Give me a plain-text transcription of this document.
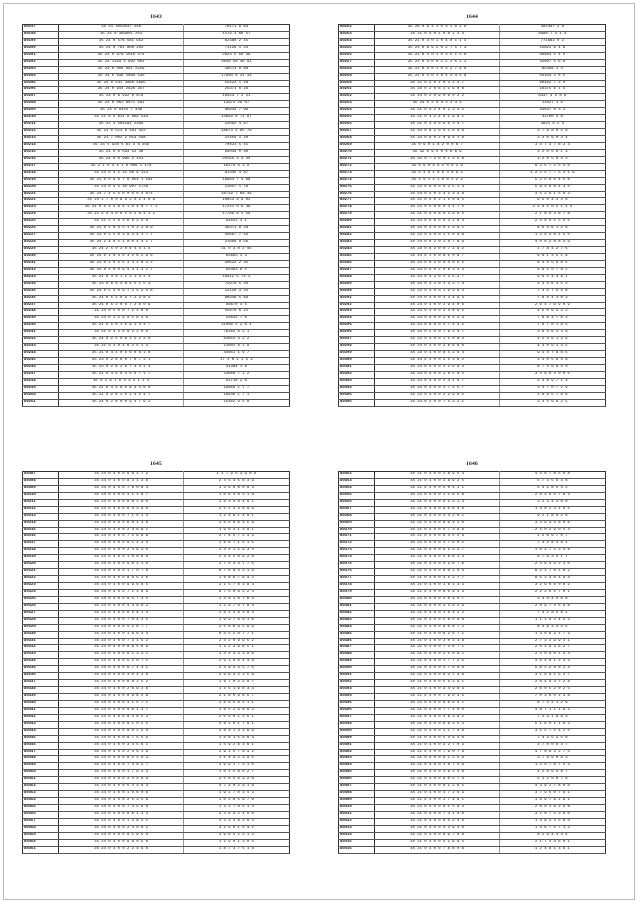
1643
80197	35 24 3053037 248	76171 8 84
80198	35 24 0 369901 253	1179 3 66 57
80199	35 24 0 576 561 952	62380 2 45
80200	35 24 0 761 808 203	71129 1 24
80201	35 24 0 976 1010 274	2823 5 56 49
80202	35 24 1194 5 691 001	2646 56 46 91
80203	35 24 0 009 061 2219	18573 8 68
80204	35 24 0 948 1866 530	17603 6 21 33
80205	35 24 0 541 3966 4965	54422 1 18
80206	35 24 0 944 2826 357	25371 6 29
80207	35 24 0 6 932 0 879	18453 7 2 21
80208	35 24 0 062 6071 591	13972 29 07
80209	35 24 0 9454 7 446	96934 7 96
80210	35 21 0 5 611 6 669 549	14693 6 71 07
80211	35 22 3 504181 2209	12092 4 47
80212	35 21 0 513 6 481 452	18674 5 85 76
80213	35 21 7 002 2 014 168	21450 1 20
80214	35 23 5 928 5 81 4 6 359	70823 5 41
80215	35 24 0 0 583 12 48	63044 0 40
80216	35 24 0 0 985 2 151	20154 4 3 34
80217	35 2 1 0 4 4 1 6 006 1 178	16279 6 3 9
80218	35 24 0 4 5 21 09 9 113	91345 4 87
80219	35 21 0 0 9 6 7 6 054 1 161	16964 7 3 98
80220	35 24 0 4 5 30 907 1726	11857 1 78
80221	35 24 7 4 5 5 0 0 0 0 4 071	18719 7 68 39
80222	35 24 1 7 0 0 9 9 3 0 2 4 6 9	10853 8 9 02
80223	35 24 0 5 4 5 9 4 1 0 4 0 7 7 1	17221 0 6 39
80224	35 21 2 4 4 0 0 1 0 2 6 4 1 1	17789 6 5 59
80225	35 21 2 5 0 3 6 6 2 5 6	91022 4 1
80226	35 21 0 1 0 3 5 1 0 2 2 8 9	39371 9 28
80227	35 21 0 1 5 0 3 0 3 4 1 7 7	50667 7 44
80228	35 24 2 4 0 5 2 0 0 4 4 1 7	21690 9 56
80229	35 24 2 5 0 2 0 6 4 4 1 4	31 0 3 0 2 45
80230	35 24 0 1 0 3 0 3 2 6 2 8 6	62663 4 3
80231	35 21 0 1 0 5 5 3 4 1 8 3 2	90622 2 35
80232	35 24 0 4 0 0 9 4 4 1 4 2 7	95363 6 5
80233	35 21 0 4 0 1 1 2 1 4 2 4	18412 5 74 2
80234	35 23 0 6 0 3 8 4 5 1 5 4	75978 5 20
80235	35 24 0 5 3 0 9 7 2 5 2 4 6	12128 3 25
80236	35 24 0 5 1 0 9 7 2 2 8 3	86946 5 89
80237	35 24 0 5 2 0 6 7 2 8 0 9	96670 4 5
80238	35 24 0 5 0 0 7 2 4 8 0	55679 6 21
80239	35 24 0 1 2 9 0 1 6 3 9	42633 7 6
80240	35 21 0 5 0 1 0 9 1 3 4 7	21066 5 2 6 4
80241	35 21 0 4 3 0 8 2 2 0 9	79264 6 2 1
80242	35 24 0 2 5 0 6 2 5 2 2 0	81654 3 2 2
80243	35 21 0 2 0 4 6 2 5 1 3	12602 8 1 9
80244	35 21 0 4 3 0 4 6 0 8 1 0	44651 1 6 7
80245	35 23 0 2 6 6 0 7 0 7 3 1	17 1 6 1 1 5 2
80246	35 23 0 2 8 2 6 7 3 3 1 4	41384 1 8
80247	35 21 0 4 9 0 4 0 0 7 1 7	23660 7 1 2
80248	35 0 2 8 1 0 4 3 3 1 1 3	93718 2 6
80249	35 21 0 4 4 9 0 9 3 3 6 0	19859 1 7 7
80250	35 21 0 2 6 1 0 1 4 5 4 7	18946 1 7 1
80251	35 24 0 2 8 0 0 9 4 7 9 2	15462 9 5 8
1644
80252	35 28 0 9 4 2 0 3 1 0 2 6	381407 2 8
80253	35 21 0 4 0 1 0 0 1 2 4	6986 7 3 1 4
80254	35 21 0 4 0 1 0 4 0 1 1 4	771683 0 2
80255	35 21 0 6 9 5 0 2 7 5 7 3	55821 9 4 6
80256	35 21 0 4 0 1 0 3 5 1 5 6	80683 5 4 5
80257	35 21 0 4 0 0 1 5 2 5 1 2	42697 5 6 6
80258	35 21 0 4 0 1 0 3 2 7 4 9	85498 3 4
80259	35 21 0 4 0 1 0 4 2 4 5 8	04104 2 8 5
80260	35 21 0 4 0 1 0 3 2 4 7	80462 7 3 0
80261	35 24 0 2 0 6 1 1 9 0 6	16375 6 1 4
80262	35 24 0 2 0 9 0 9 0 2 2	8337 3 5 8 9
80263	35 24 0 2 0 4 3 3 3 3	13427 1 9
80264	35 21 0 3 2 4 0 2 3 3 2	34637 0 3 2
80265	35 21 0 3 2 4 0 1 9 8 1	42760 4 8
80266	35 21 0 4 9 0 9 0 3 4 7	3821 5 2 4
80267	35 34 0 8 2 0 0 1 6 4 6	3 7 9 8 6 2 8
80268	35 34 0 9 0 2 0 9 4 1 6	3 3 0 9 0 4 4
80269	35 0 9 0 1 8 2 0 0 6 7	3 4 7 3 7 6 2 3
80270	35 32 0 9 5 0 4 6 6 9	3 2 0 5 0 1 3
80271	35 32 0 7 2 0 0 1 3 5 8	1 2 0 5 0 3 3
80272	35 0 9 0 4 8 2 0 6 2 9	6 2 5 7 2 5 4 0
80273	35 0 4 0 1 0 0 3 0 9 5	1 2 2 5 7 7 5 2 1 9
80274	35 3 0 1 3 1 0 0 1 2 2	5 2 5 8 0 4 5 6
80275	35 24 0 6 0 0 0 3 5 1 3	5 9 4 8 8 4 3 5
80276	35 24 0 4 0 3 4 2 3 3 8	3 5 2 9 1 5 9 2
80277	35 21 0 4 0 2 1 5 0 9 5	9 5 0 4 3 4 6
80278	35 21 0 5 0 8 0 4 1 7 5	2 3 9 1 0 5 1 5 4
80279	35 21 0 4 0 6 0 3 9 6 5	2 1 8 0 3 8 7 8
80280	35 24 0 9 6 0 0 3 2 8 4	2 4 0 0 5 5 5 5
80281	35 24 0 4 0 0 0 1 3 9 1	8 6 4 6 1 2 6
80282	35 24 0 4 0 0 1 1 0 4 8	1 2 0 4 8 1 5 5
80283	35 24 0 8 2 0 1 0 7 8 9	4 0 6 2 8 8 4 9
80284	35 24 0 8 2 0 0 7 2 9 2	1 7 8 4 2 7 5
80285	35 24 0 1 0 0 8 5 0 6 7	9 6 1 3 5 1 8
80286	35 24 0 0 2 0 0 4 0 5 5	6 4 4 5 6 8 5
80287	35 24 0 6 0 2 0 6 3 4 4	9 6 5 0 7 8 1
80288	35 24 0 4 2 0 1 3 5 2 7	9 6 5 4 4 9 1
80289	35 24 0 4 2 0 1 3 2 7 4	4 4 4 6 3 5 2
80290	35 24 0 4 0 0 1 9 9 6 4	7 3 5 7 9 4 8
80291	35 24 0 4 0 0 4 3 4 9 3	7 8 0 4 3 0 3
80292	35 24 0 4 0 0 2 9 4 0 6	2 6 4 7 6 9 0 9
80293	35 24 0 4 0 0 3 4 8 9 5	4 5 0 9 4 2 2
80294	35 24 0 4 0 0 2 6 1 2 4	7 8 6 4 7 6 2
80295	35 24 0 8 0 0 3 7 4 3 5	7 6 7 0 1 9 5
80296	35 24 0 2 0 0 7 9 2 4 7	3 6 4 6 2 3 9
80297	35 24 0 4 0 0 1 5 0 8 3	4 5 4 9 1 3 9
80298	35 24 0 4 0 0 2 6 6 8 0	4 3 0 9 1 4 5
80299	35 24 0 4 0 0 8 5 2 6 4	9 4 4 7 8 6 5
80300	35 24 0 4 0 0 4 5 3 6 2	3 4 0 5 8 4 8
80301	35 24 0 4 0 0 1 2 0 9 3	6 7 4 6 8 4 0
80302	35 24 0 4 0 0 3 6 5 8 5	3 4 9 0 4 0 0 5
80303	35 24 0 4 0 0 2 4 1 6 7	2 4 8 9 7 1 3
80304	35 24 0 4 0 0 2 7 2 5 7	3 4 7 0 7 2 9
80305	35 24 0 4 0 0 2 2 9 6 5	3 6 9 5 7 9 6
80306	35 24 0 2 0 0 7 5 3 2 1	3 4 5 9 6 2 5
1645
80307	35 24 0 4 0 0 9 0 1 7 2	1 1 7 9 5 3 9 8 9
80308	35 24 0 4 0 0 8 3 1 3 8	2 4 5 3 5 8 3 9
80309	35 24 0 4 0 0 7 6 0 9 4	1 3 9 6 6 0 8 3
80310	35 24 0 4 0 0 4 1 1 6 7	1 0 8 3 6 3 1 8
80311	35 24 0 4 0 0 6 8 1 6 0	1 8 3 4 8 4 6 1
80312	35 24 0 4 0 0 6 4 3 8 9	2 5 1 4 3 8 9 9
80313	35 24 0 4 0 0 7 1 5 1 4	1 2 4 9 1 4 8 1
80314	35 24 0 4 0 0 6 0 1 3 8	1 6 6 6 6 4 5 6
80315	35 24 0 4 0 0 2 4 8 6 1	1 9 6 4 1 3 9 1
80316	35 24 0 4 0 0 7 2 9 9 8	2 7 4 5 7 2 4 4
80317	35 24 0 4 0 0 9 1 2 3 4	1 6 8 7 1 5 1 5
80318	35 24 0 4 0 0 2 4 9 3 0	2 4 4 1 5 9 3 4
80319	35 24 0 4 0 0 1 0 6 8 6	2 3 4 5 0 9 2 8
80320	35 24 0 4 0 0 9 6 3 1 9	1 7 5 3 4 7 7 5
80321	35 24 0 4 0 0 1 7 0 7 8	6 7 6 8 4 3 1 9
80322	35 24 0 4 0 0 8 9 5 1 6	1 6 8 6 7 9 4 2
80323	35 24 0 4 0 0 9 9 6 8 5	1 1 5 7 8 3 8 3
80324	35 24 0 4 0 0 7 1 1 8 9	8 7 5 0 9 2 2 3
80325	35 24 0 4 0 0 9 5 7 3 5	1 4 8 1 6 7 6 4
80326	35 24 0 4 0 0 4 4 9 6 2	1 2 9 7 9 7 8 3
80327	35 24 0 4 0 0 6 5 8 1 3	1 8 1 3 6 3 0 4
80328	35 24 0 4 0 0 7 0 4 2 5	1 9 9 7 6 9 1 6
80329	35 24 0 4 0 0 5 2 6 7 7	2 5 8 6 9 5 6 9
80330	35 24 0 4 0 0 1 6 9 4 3	6 4 5 2 6 7 7 1
80331	35 24 0 4 0 0 7 3 1 5 2	2 4 2 0 9 9 5 2
80332	35 24 0 4 0 0 8 8 5 6 9	1 3 2 3 9 6 5 1
80333	35 24 0 4 0 0 6 1 3 4 1	1 4 4 3 4 3 8 9
80334	35 24 0 4 0 0 5 2 0 7 1	2 9 1 8 0 4 4 8
80335	35 24 0 4 0 0 6 7 4 3 1	2 4 9 3 3 5 7 5
80336	35 24 0 4 0 0 3 0 4 2 8	4 9 6 3 2 2 5 6
80337	35 24 0 4 0 0 6 8 2 5 2	1 6 7 0 2 2 9 7
80338	35 24 0 4 0 0 2 6 9 2 6	1 4 5 1 9 6 3 3
80339	35 24 0 4 0 0 8 9 8 2 8	2 1 8 0 9 6 5 7
80340	35 24 0 4 0 0 4 1 5 7 1	1 8 9 5 9 1 1 1
80341	35 24 0 4 0 0 9 6 1 4 7	1 6 5 2 9 6 6 2
80342	35 24 0 4 0 0 8 4 8 5 2	2 0 9 0 1 2 5 1
80343	35 24 0 4 0 0 8 1 0 2 5	5 8 1 0 1 7 9 1
80344	35 24 0 4 0 0 8 8 1 5 0	4 8 4 1 4 1 9 9
80345	35 24 0 4 0 0 9 7 5 5 9	1 0 6 1 5 6 6 3
80346	35 24 0 4 0 0 3 4 5 6 1	1 5 9 2 6 3 6 1
80347	35 24 0 4 0 0 2 3 9 1 9	2 9 1 5 7 9 4 2
80348	35 24 0 4 0 0 6 5 1 0 3	1 5 4 4 2 3 9 5
80349	35 24 0 4 0 0 7 4 6 2 7	4 9 9 1 7 3 1 0
80350	35 24 0 4 0 0 1 7 9 2 3	1 0 1 5 8 0 2 7
80351	35 24 0 4 0 0 2 4 4 0 9	2 5 8 5 0 3 2 8
80352	35 24 0 4 0 0 5 4 3 0 3	4 7 3 0 2 9 1 8
80353	35 24 0 4 0 0 1 0 6 0 6	1 9 1 7 0 3 4 3
80354	35 24 0 4 0 0 2 5 3 5 6	1 0 2 8 5 9 7 9
80355	35 24 0 4 0 0 7 4 5 9 0	1 3 2 7 8 5 1 4
80356	35 24 0 4 0 0 6 6 1 3 4	3 3 6 4 2 4 9 0
80357	35 24 0 4 0 0 1 3 8 2 1	4 2 3 3 6 2 6 3
80358	35 24 0 4 0 0 2 4 0 8 2	3 2 9 0 1 0 4 2
80359	35 24 0 4 0 0 8 1 9 5 0	3 9 8 5 2 2 1 2
80360	35 24 0 4 0 0 9 6 0 5 6	1 2 9 0 1 3 0 5
80361	35 24 0 4 0 0 2 2 4 9 8	1 8 7 3 7 5 1 8
1646
80362	35 21 0 4 0 0 2 8 9 5 3	4 4 8 7 8 5 0 8
80363	35 21 0 4 0 0 4 8 9 2 5	5 7 3 5 9 4 6
80364	35 21 0 4 0 0 5 0 4 1 1	5 4 5 8 5 4 2
80365	35 21 0 4 0 0 1 1 6 5 8	2 6 2 9 0 7 8 4
80366	35 21 0 4 0 0 6 5 3 1 4	3 2 3 4 2 8 8
80367	35 21 0 4 0 0 9 0 8 4 0	1 3 0 2 3 1 0 5
80368	35 21 0 4 0 0 3 4 2 6 1	9 2 1 8 9 2 6
80369	35 21 0 4 0 0 6 9 4 1 0	3 4 9 4 5 8 0 6
80370	35 21 0 4 0 0 5 7 3 0 9	2 5 0 2 9 0 5 4
80371	35 21 0 4 0 0 8 4 5 2 9	1 5 6 9 7 0 7
80372	35 21 0 4 0 0 1 7 6 0 2	7 3 2 8 4 9 1
80373	35 21 0 4 0 0 9 5 3 2 7	1 0 2 7 5 3 4 6
80374	35 21 0 4 0 0 5 6 8 1 4	6 7 9 3 5 1 7
80375	35 21 0 4 0 0 4 2 8 7 6	2 4 9 4 4 2 3 0
80376	35 21 0 4 0 0 6 9 1 0 4	6 2 1 7 6 1 8 2
80377	35 21 0 4 0 0 3 5 2 7 7	6 5 3 3 0 1 9 4
80378	35 21 0 4 0 0 1 6 1 3 3	3 2 9 0 8 0 6 2
80379	35 21 0 4 0 0 6 0 9 4 3	2 2 2 0 5 7 0 1
80380	35 21 0 4 0 0 2 0 4 5 7	3 4 9 4 0 8 6
80381	35 21 0 4 0 0 3 3 9 2 9	2 8 9 7 3 5 9 6
80382	35 21 0 4 0 0 1 8 4 2 2	7 3 2 8 5 6 1
80383	35 21 0 4 0 0 5 8 0 6 8	1 1 1 9 2 4 5 2
80384	35 21 0 4 0 0 6 0 6 7 2	8 4 6 3 4 4 5
80385	35 21 0 4 0 0 9 2 5 7 1	1 3 0 6 2 1 7 3
80386	35 21 0 4 0 0 2 0 3 3 8	2 7 3 3 9 9 4 1
80387	35 21 0 4 0 0 7 4 8 7 1	2 0 2 8 3 6 2 7
80388	35 21 0 4 0 0 2 5 0 9 1	2 4 0 8 0 1 3 4
80389	35 21 0 4 0 0 1 7 7 2 5	4 6 4 8 1 2 3 3
80390	35 21 0 4 0 0 3 7 0 8 0	5 6 1 2 6 6 2 4
80391	35 21 0 4 0 0 6 2 7 3 9	3 1 9 9 1 5 2 7
80392	35 21 0 4 0 0 5 5 3 9 1	2 8 4 9 4 7 2 6
80393	35 21 0 4 0 0 3 4 9 8 3	2 6 0 5 2 0 2 5
80394	35 21 0 4 0 0 7 9 0 3 5	7 0 3 0 0 2 4 8
80395	35 21 0 4 0 0 8 6 9 4 1	6 7 2 2 1 2 9
80396	35 21 0 4 0 0 7 7 4 0 0	4 8 7 1 1 1 9 3
80397	35 21 0 4 0 0 4 8 3 6 2	7 2 3 1 9 8 3
80398	35 21 0 4 0 0 6 9 3 5 3	5 1 6 0 1 1 8 2
80399	35 21 0 4 0 0 2 1 7 3 6	3 5 5 7 5 4 2 5
80400	35 21 0 4 0 0 5 4 9 4 0	7 4 3 5 2 5 6
80401	35 21 0 4 0 0 3 2 7 0 3	3 7 0 0 8 4 7
80402	35 21 0 4 0 0 7 9 0 7 9	4 7 0 8 4 2 7 5
80403	35 21 0 4 0 0 9 1 2 5 9	3 7 9 9 0 9 3
80404	35 21 0 4 0 0 1 8 7 5 9	1 2 0 7 8 7 4 3
80405	35 21 0 4 0 0 3 9 2 3 0	4 2 9 9 5 8 7
80406	35 21 0 4 0 0 6 0 2 7 4	5 1 2 0 8 7 6
80407	35 21 0 4 0 0 8 1 2 6 5	4 3 9 2 7 8 8 0
80408	35 21 0 4 0 0 4 7 2 6 3	3 7 9 5 0 7 9 1
80409	35 21 0 4 0 0 2 7 4 6 1	1 8 9 7 6 2 8 1
80410	35 21 0 4 0 0 9 1 5 9 3	2 8 0 1 6 2 9 8
80411	35 21 0 4 0 0 7 4 1 9 0	3 2 6 7 5 3 6 0
80412	35 21 0 4 0 0 6 5 2 4 0	1 4 8 2 4 5 8 4
80413	35 21 0 4 0 0 4 3 9 4 0	1 4 6 7 5 7 1 2
80414	35 21 0 4 0 0 6 9 7 8 8	8 2 9 4 3 4 4
80415	35 21 0 4 0 0 5 1 9 9 5	2 1 7 4 4 6 0 1
80416	35 21 0 4 0 0 7 8 8 0 8	1 2 4 9 1 3 6 1
